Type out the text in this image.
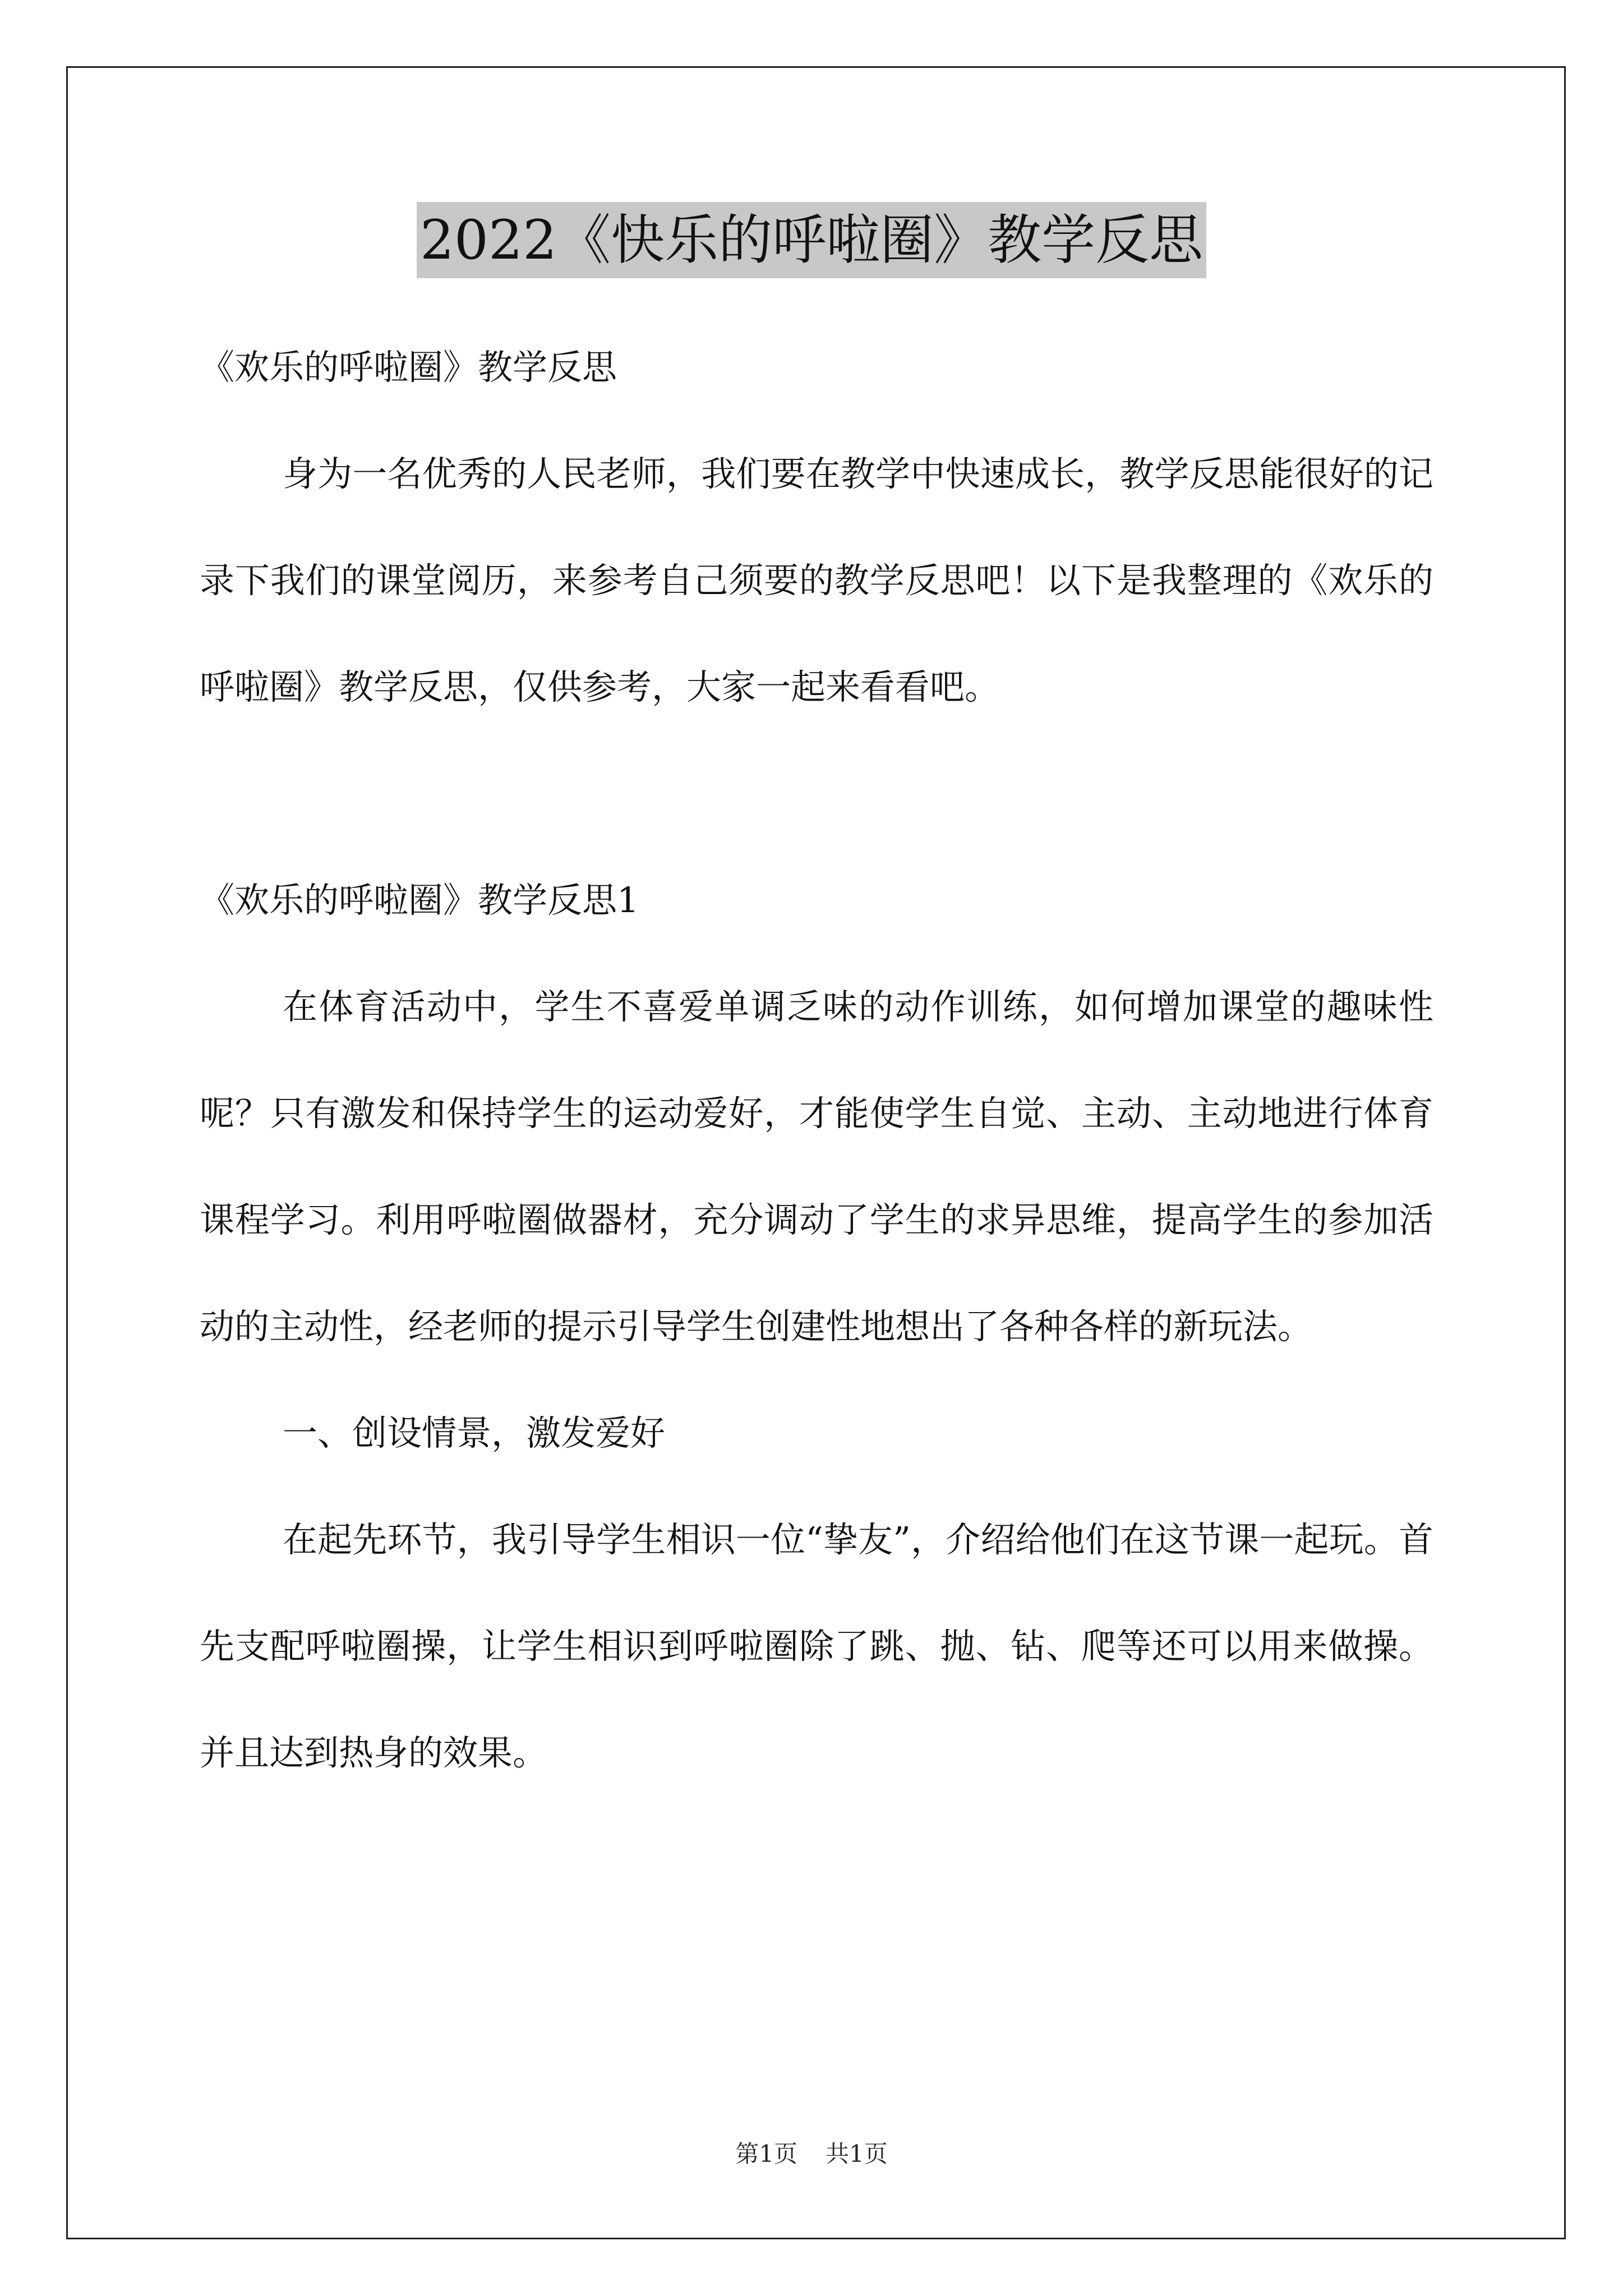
2022《快乐的呼啦圈》教学反思

《欢乐的呼啦圈》教学反思

身为一名优秀的人民老师，我们要在教学中快速成长，教学反思能很好的记录下我们的课堂阅历，来参考自己须要的教学反思吧！以下是我整理的《欢乐的呼啦圈》教学反思，仅供参考，大家一起来看看吧。

《欢乐的呼啦圈》教学反思1

在体育活动中，学生不喜爱单调乏味的动作训练，如何增加课堂的趣味性呢？只有激发和保持学生的运动爱好，才能使学生自觉、主动、主动地进行体育课程学习。利用呼啦圈做器材，充分调动了学生的求异思维，提高学生的参加活动的主动性，经老师的提示引导学生创建性地想出了各种各样的新玩法。

一、创设情景，激发爱好

在起先环节，我引导学生相识一位“挚友”，介绍给他们在这节课一起玩。首先支配呼啦圈操，让学生相识到呼啦圈除了跳、抛、钻、爬等还可以用来做操。并且达到热身的效果。

第1页 共1页
